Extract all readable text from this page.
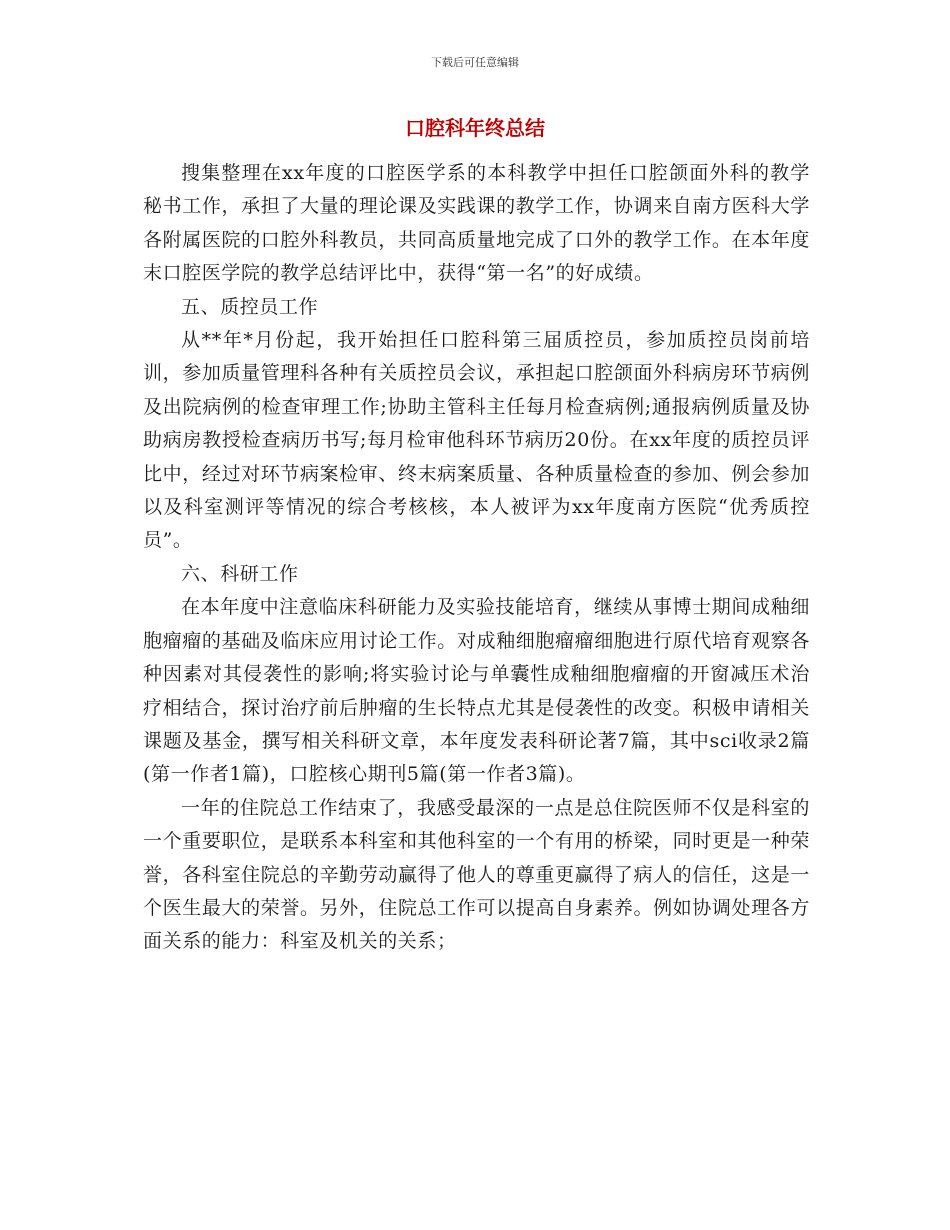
下载后可任意编辑
口腔科年终总结

搜集整理在xx年度的口腔医学系的本科教学中担任口腔颌面外科的教学秘书工作，承担了大量的理论课及实践课的教学工作，协调来自南方医科大学各附属医院的口腔外科教员，共同高质量地完成了口外的教学工作。在本年度末口腔医学院的教学总结评比中，获得“第一名”的好成绩。

五、质控员工作

从**年*月份起，我开始担任口腔科第三届质控员，参加质控员岗前培训，参加质量管理科各种有关质控员会议，承担起口腔颌面外科病房环节病例及出院病例的检查审理工作;协助主管科主任每月检查病例;通报病例质量及协助病房教授检查病历书写;每月检审他科环节病历20份。在xx年度的质控员评比中，经过对环节病案检审、终末病案质量、各种质量检查的参加、例会参加以及科室测评等情况的综合考核核，本人被评为xx年度南方医院“优秀质控员”。

六、科研工作

在本年度中注意临床科研能力及实验技能培育，继续从事博士期间成釉细胞瘤瘤的基础及临床应用讨论工作。对成釉细胞瘤瘤细胞进行原代培育观察各种因素对其侵袭性的影响;将实验讨论与单囊性成釉细胞瘤瘤的开窗减压术治疗相结合，探讨治疗前后肿瘤的生长特点尤其是侵袭性的改变。积极申请相关课题及基金，撰写相关科研文章，本年度发表科研论著7篇，其中sci收录2篇(第一作者1篇)，口腔核心期刊5篇(第一作者3篇)。

一年的住院总工作结束了，我感受最深的一点是总住院医师不仅是科室的一个重要职位，是联系本科室和其他科室的一个有用的桥梁，同时更是一种荣誉，各科室住院总的辛勤劳动赢得了他人的尊重更赢得了病人的信任，这是一个医生最大的荣誉。另外，住院总工作可以提高自身素养。例如协调处理各方面关系的能力：科室及机关的关系；
